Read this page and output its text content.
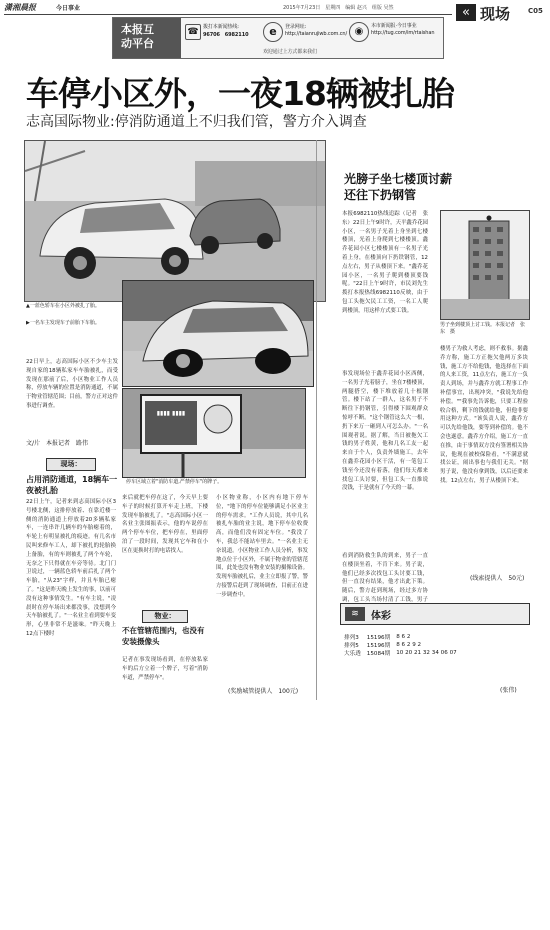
潇湘晨报	今日事业	2015年7月23日　星期四　编辑 赵兴　组版 吴然	« 现场	C05
本报互
动平台
☎ 拨打本新闻热线:
96706　6982110	e	登录网址:
http://taianrujiwb.com.cn/ ◉	本市新闻报·今日事业
http://tug.com/im/rtaishan
欢迎通过上方式都来我们
车停小区外，一夜18辆被扎胎
志高国际物业:停消防通道上不归我们管，警方介入调查
▲一蓝色轿车在小区外被扎了胎。
▶一名车主发现车子前胎下车胎。
▮▮▮▮ ▮▮▮▮
停车区域立着"消防车道,严禁停车"的牌子。
22日早上，志高国际小区不少车主发现自家的18辆私家车车胎被扎，而受发现在那前了后，小区物业工作人员称，停放车辆的位置是消防通道，不属于物业管辖范围；目前，警方正对这件事进行调查。
文/片　本报记者　路伟
现场：
占用消防通道，18辆车一夜被扎胎
22日上午，记者来到志高国际小区3号楼北侧，这排停放着、在靠近楼一侧的消防通道上停放着20多辆私家车，一连串许几辆车的车胎瘪着的，车轮上有明显被扎的痕迹。有几名市民叫来修车工人，却下被扎的轮胎换上备胎，有的车则被扎了两个车轮，无奈之下只得就在车旁等待。北门门卫说过，一辆蓝色轿车前后扎了两个车胎，"从23"字样，并且车胎已瘪了。"这是昨天晚上发生的事，以前可没有这种事情发生。"有车主说，"凌晨时在停车场出来都没事，没想到今天车胎被扎了。"一名业主看到要车变形，心里非常不是滋味。"昨天晚上12点下楼时
来后就把车停在这了，今天早上要车子的时候打算开车走上班，下楼发现车胎被扎了。"志高国际小区一名业主张图振表示，他的车说停在两个停车车位，把车停在，里面停泊了一段时间，发现其它车和在小区在更换时打的电话找人。
物业：
不在管辖范围内，也没有安装摄像头
记者在事发现场看到，在停放私家车的后方立着一个牌子，写着"消防车道，严禁停车"。
小区物业称，小区内有地下停车位，"地下的停车位能够满足小区业主的停车需求。"工作人员说，其中几名被扎车胎的业主说，地下停车位收费高，而他们没有固定车位。"我没了车，我总不能站车里去。"一名业主无奈说道。小区物业工作人员分析，事发地点位于小区外，不属于物业的管辖范围，此处也没有物业安装的摄像设备。发现车胎被扎后，业主立即报了警，警方接警后赶到了现场调查，目前正在进一步调查中。
(奖励城管提供人　100元)
光膀子坐七楼顶讨薪
还往下扔钢管
本报6982110热线追踪（记者　张东）22日上午9时许，天平鑫乔花园小区，一名男子光着上身坐到七楼楼顶，光着上身爬到七楼楼顶。鑫乔花园小区七楼楼顶有一名男子光着上身，在楼顶向下扔铁钢管，12点左右，男子从楼顶下来。"鑫乔花园小区，一名男子爬到楼顶要钱呢。"22日上午9时许，市民刘先生拨打本报热线6982110反映，由于包工头拖欠民工工资，一名工人爬到楼顶，用这样方式要工钱。
事发现场位于鑫乔花园小区西侧，一名男子光着膀子，坐在7楼楼顶，两腿搭空，楼下堆放着几十根钢管。楼下站了一群人，这名男子不断往下扔钢管，引得楼下围观群众惊呼不断。"这个钢管这么大一根，扔下来万一砸到人可怎么办。"一名围观者说。据了解，当日被拖欠工钱的男子姓黄，他和几名工友一起来自于个人，负责外墙施工，去年在鑫乔花园小区干活，有一笔包工钱至今还没有着落，他们每天都来找包工头讨要，但包工头一直推说没钱，于是就有了今天的一幕。
看到消防救生队的到来，男子一直在楼顶坐着，不肯下来。男子说，他们已经多次找包工头讨要工钱，但一直没有结果，他才出此下策。随后，警方赶到现场，经过多方协调，包工头当场付清了工钱，男子
男子坐到楼顶上讨工钱。本报记者　张东　摄
楼男子为救人考虑，则不救事。据鑫乔方称，施工方正拖欠他两万多块钱，施工方不给他钱，他选择在下面的人来工资，11点左右，施工方一负责人到场，并与鑫乔方就工程事工作补偿事宜，出现冲突，"我说先给他补偿。""我事先告诉他，只要工程验收合格，剩下的钱就给他，但他非要用这种方式。"该负责人说，鑫乔方可以先给他钱，要等到补偿的。他不会也遂意。鑫乔方介绍，施工方一直在推，由于事情双方没有签署相关协议，他现在被校保险看，"不满意就找公证，闹出事也与我们无关。"据男子说，他没有拿到钱，以后还要来找。12点左右，男子从楼顶下来。
(线索提供人　50元)
≋	体彩
排列3	15196期	8 6 2
排列5	15196期	8 6 2 9 2
大乐透	15084期	10 20 21 32 34 06 07
(张伟)
